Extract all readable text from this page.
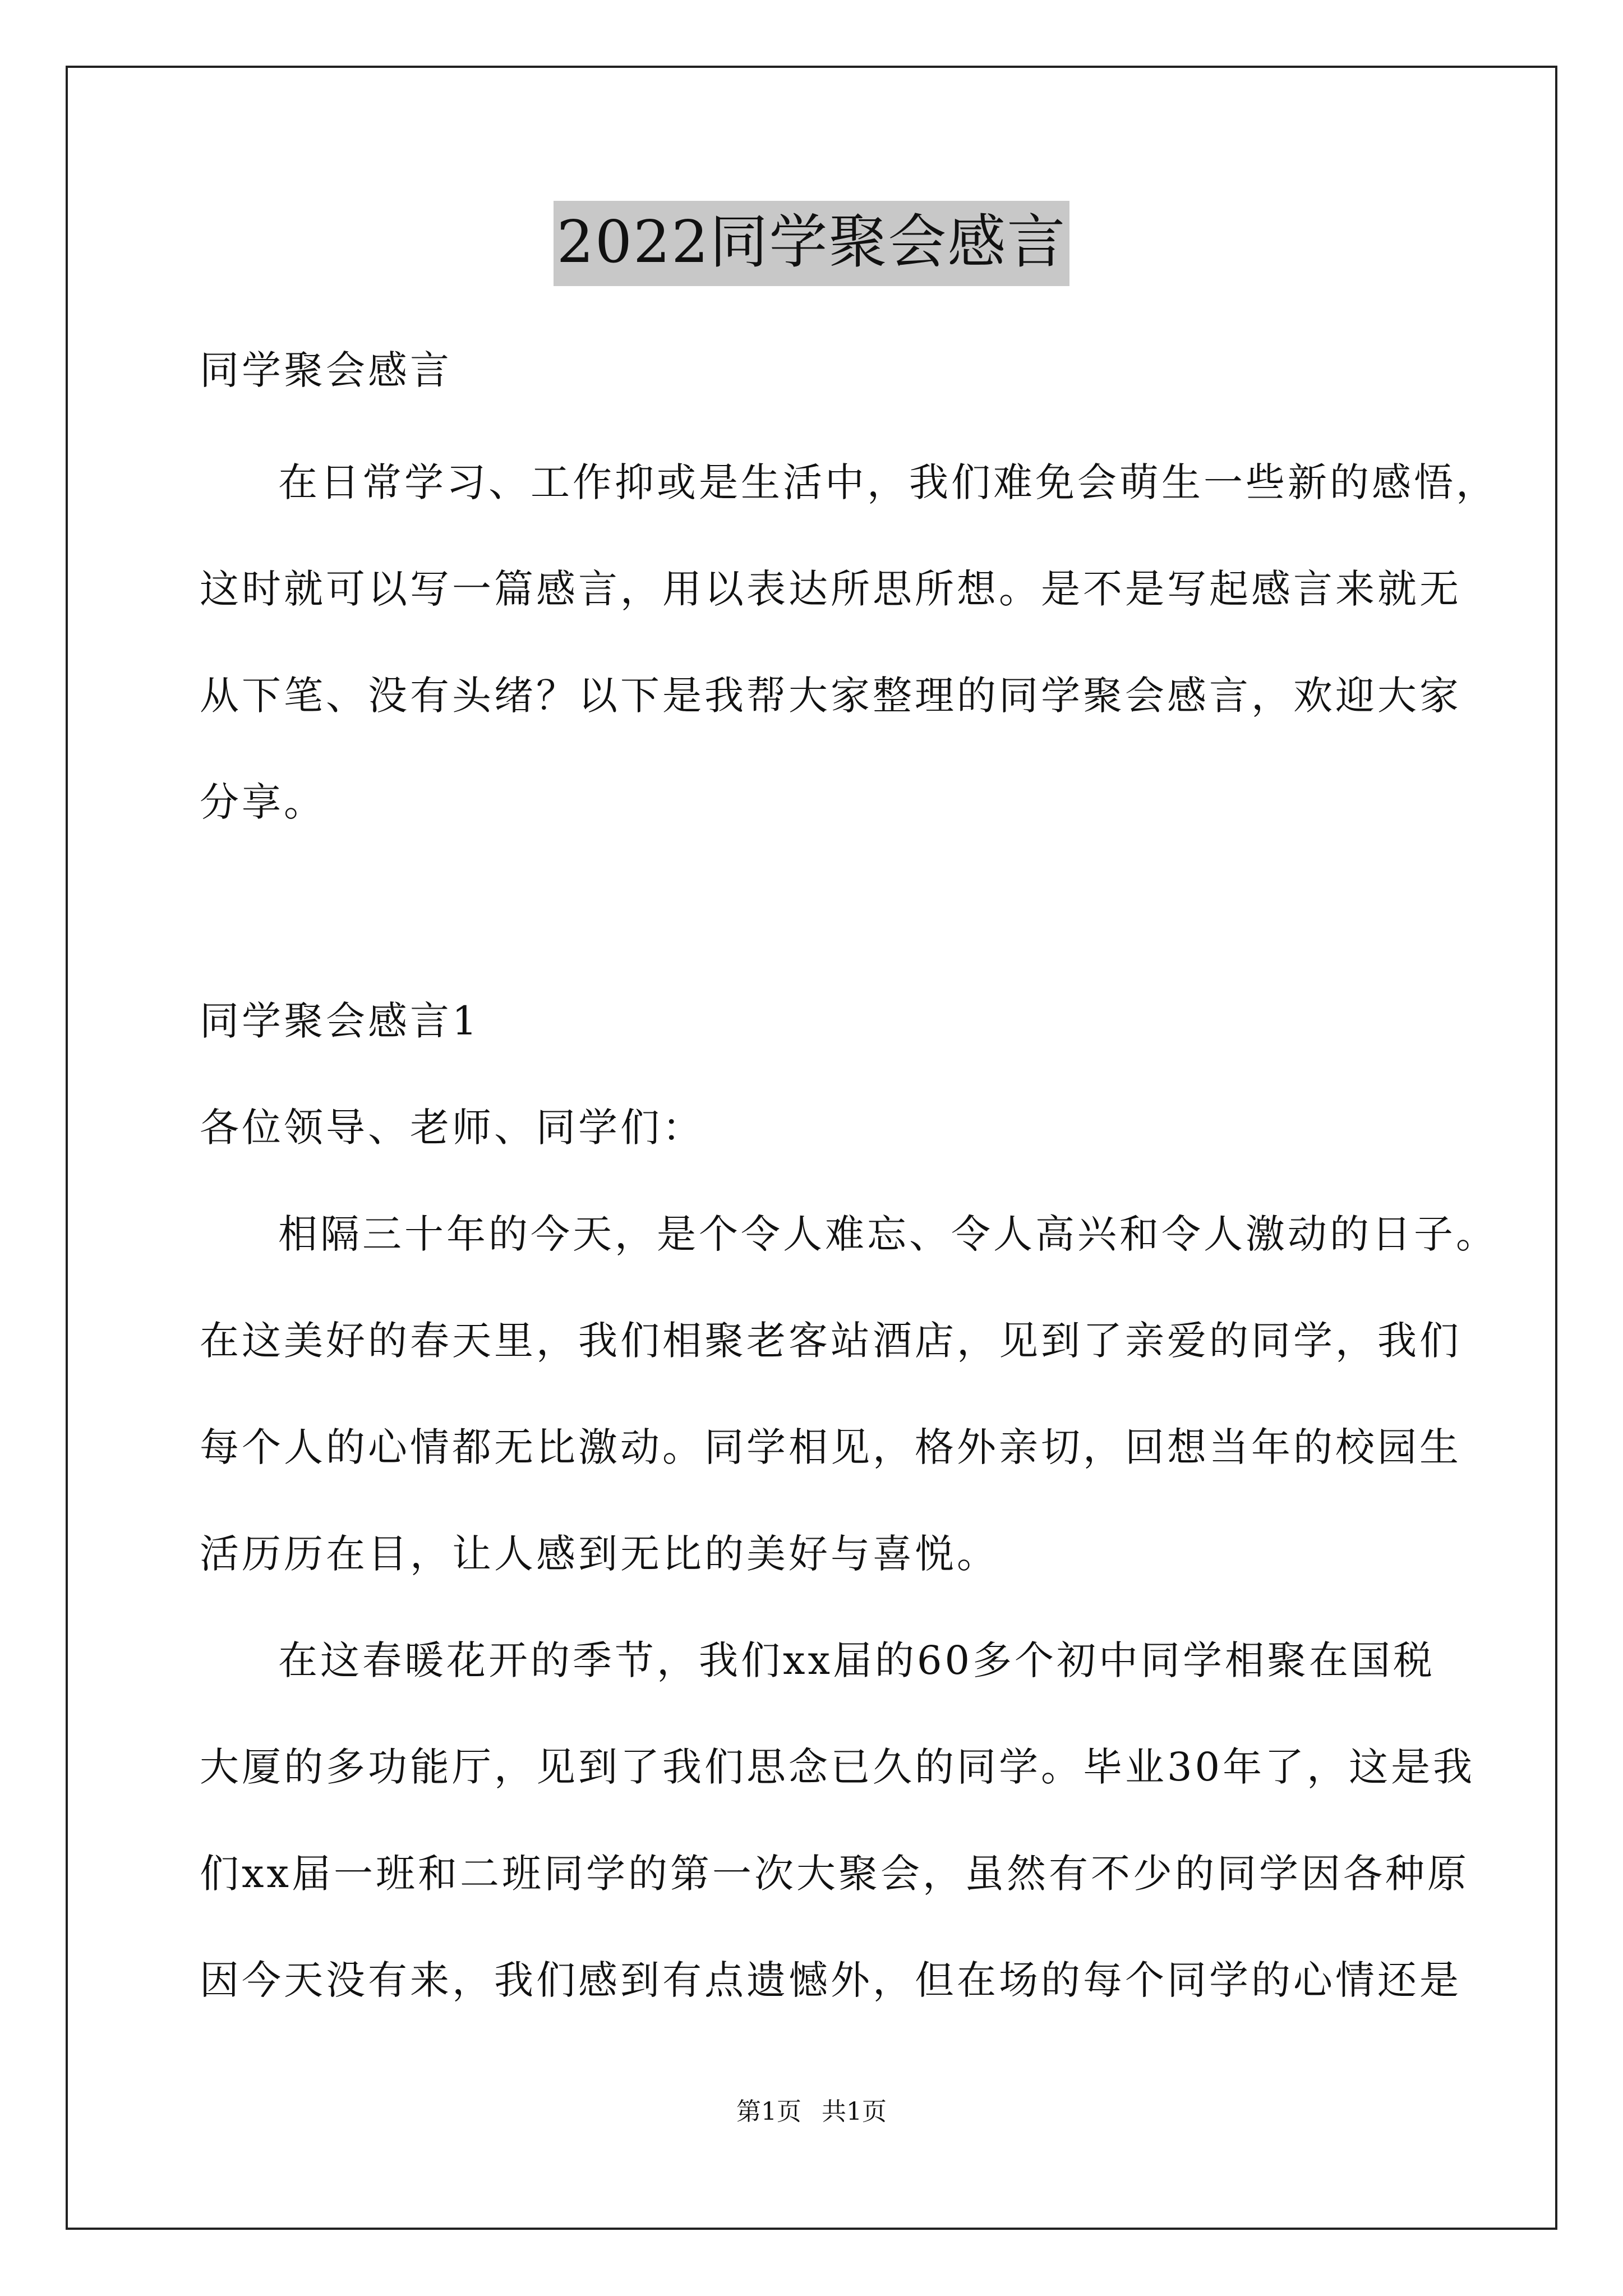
2022同学聚会感言
同学聚会感言
在日常学习、工作抑或是生活中，我们难免会萌生一些新的感悟，
这时就可以写一篇感言，用以表达所思所想。是不是写起感言来就无
从下笔、没有头绪？以下是我帮大家整理的同学聚会感言，欢迎大家
分享。
同学聚会感言1
各位领导、老师、同学们：
相隔三十年的今天，是个令人难忘、令人高兴和令人激动的日子。
在这美好的春天里，我们相聚老客站酒店，见到了亲爱的同学，我们
每个人的心情都无比激动。同学相见，格外亲切，回想当年的校园生
活历历在目，让人感到无比的美好与喜悦。
在这春暖花开的季节，我们xx届的60多个初中同学相聚在国税
大厦的多功能厅，见到了我们思念已久的同学。毕业30年了，这是我
们xx届一班和二班同学的第一次大聚会，虽然有不少的同学因各种原
因今天没有来，我们感到有点遗憾外，但在场的每个同学的心情还是
第1页 共1页
